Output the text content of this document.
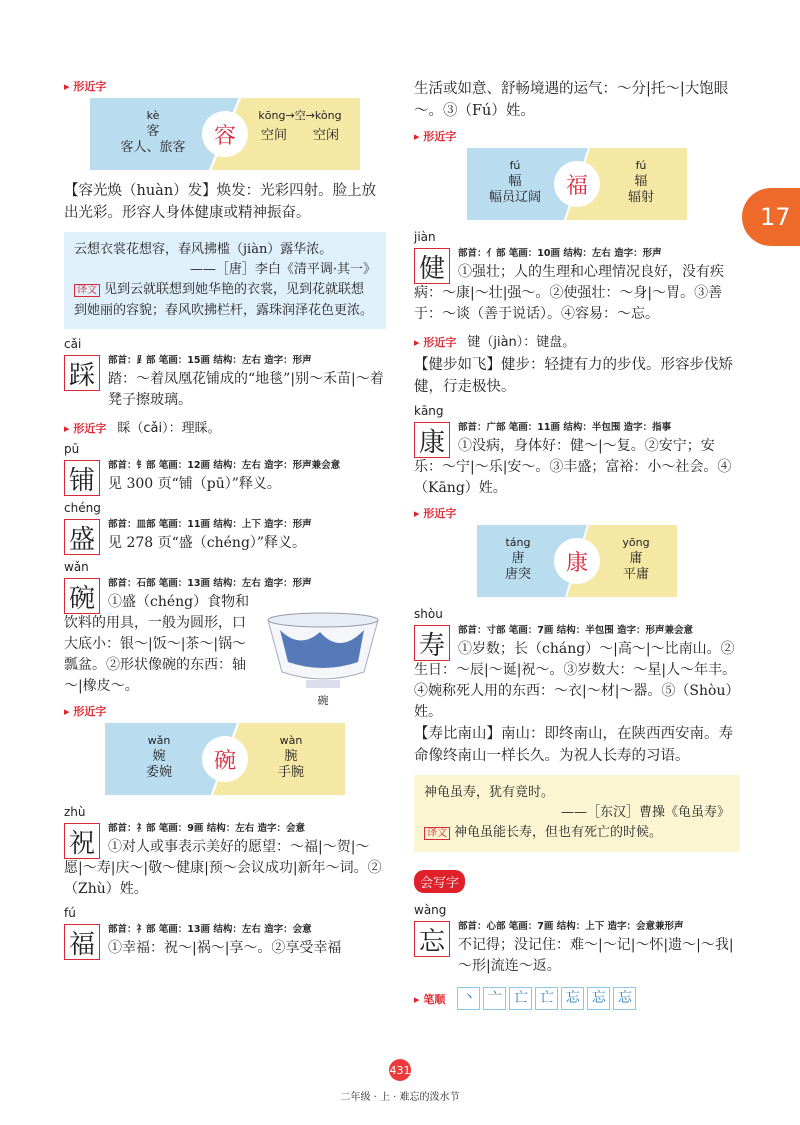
17
▸ 形近字
kè
客
客人、旅客	容
kōng→空→kòng
空间　　 空闲
【容光焕（huàn）发】焕发：光彩四射。脸上放出光彩。形容人身体健康或精神振奋。
云想衣裳花想容，春风拂槛（jiàn）露华浓。
——［唐］李白《清平调·其一》
译文 见到云就联想到她华艳的衣裳，见到花就联想到她丽的容貌；春风吹拂栏杆，露珠润泽花色更浓。
cǎi
踩	部首：⻊部 笔画：15画 结构：左右 造字：形声
踏：～着凤凰花铺成的“地毯”|别～禾苗|～着凳子擦玻璃。
▸ 形近字　 睬（cǎi）：理睬。
pū
铺	部首：钅部 笔画：12画 结构：左右 造字：形声兼会意
见 300 页“铺（pū）”释义。
chéng
盛	部首：皿部 笔画：11画 结构：上下 造字：形声
见 278 页“盛（chéng）”释义。
wǎn
碗	部首：石部 笔画：13画 结构：左右 造字：形声
①盛（chéng）食物和饮料的用具，一般为圆形，口大底小：银～|饭～|茶～|锅～瓢盆。②形状像碗的东西：轴～|橡皮～。
碗
▸ 形近字
wǎn
婉
委婉	碗
wàn
腕
手腕
zhù
祝	部首：礻部 笔画：9画 结构：左右 造字：会意
①对人或事表示美好的愿望：～福|～贺|～愿|～寿|庆～|敬～健康|预～会议成功|新年～词。②（Zhù）姓。
fú
福	部首：礻部 笔画：13画 结构：左右 造字：会意
①幸福：祝～|祸～|享～。②享受幸福
生活或如意、舒畅境遇的运气：～分|托～|大饱眼～。③（Fú）姓。
▸ 形近字
fú
幅
幅员辽阔	福
fú
辐
辐射
jiàn
健	部首：亻部 笔画：10画 结构：左右 造字：形声
①强壮；人的生理和心理情况良好，没有疾病：～康|～壮|强～。②使强壮：～身|～胃。③善于：～谈（善于说话）。④容易：～忘。
▸ 形近字　 键（jiàn）：键盘。
【健步如飞】健步：轻捷有力的步伐。形容步伐矫健，行走极快。
kāng
康	部首：广部 笔画：11画 结构：半包围 造字：指事
①没病，身体好：健～|～复。②安宁；安乐：～宁|～乐|安～。③丰盛；富裕：小～社会。④（Kāng）姓。
▸ 形近字
táng
唐
唐突	康
yōng
庸
平庸
shòu
寿	部首：寸部 笔画：7画 结构：半包围 造字：形声兼会意
①岁数；长（cháng）～|高～|～比南山。②生日：～辰|～诞|祝～。③岁数大：～星|人～年丰。④婉称死人用的东西：～衣|～材|～器。⑤（Shòu）姓。
【寿比南山】南山：即终南山，在陕西西安南。寿命像终南山一样长久。为祝人长寿的习语。
神龟虽寿，犹有竟时。
——［东汉］曹操《龟虽寿》
译文 神龟虽能长寿，但也有死亡的时候。
会写字
wàng
忘	部首：心部 笔画：7画 结构：上下 造字：会意兼形声
不记得；没记住：难～|～记|～怀|遗～|～我|～形|流连～返。
▸ 笔顺	丶 亠 亡 亡 忘 忘 忘
431
二年级 · 上 · 难忘的泼水节
